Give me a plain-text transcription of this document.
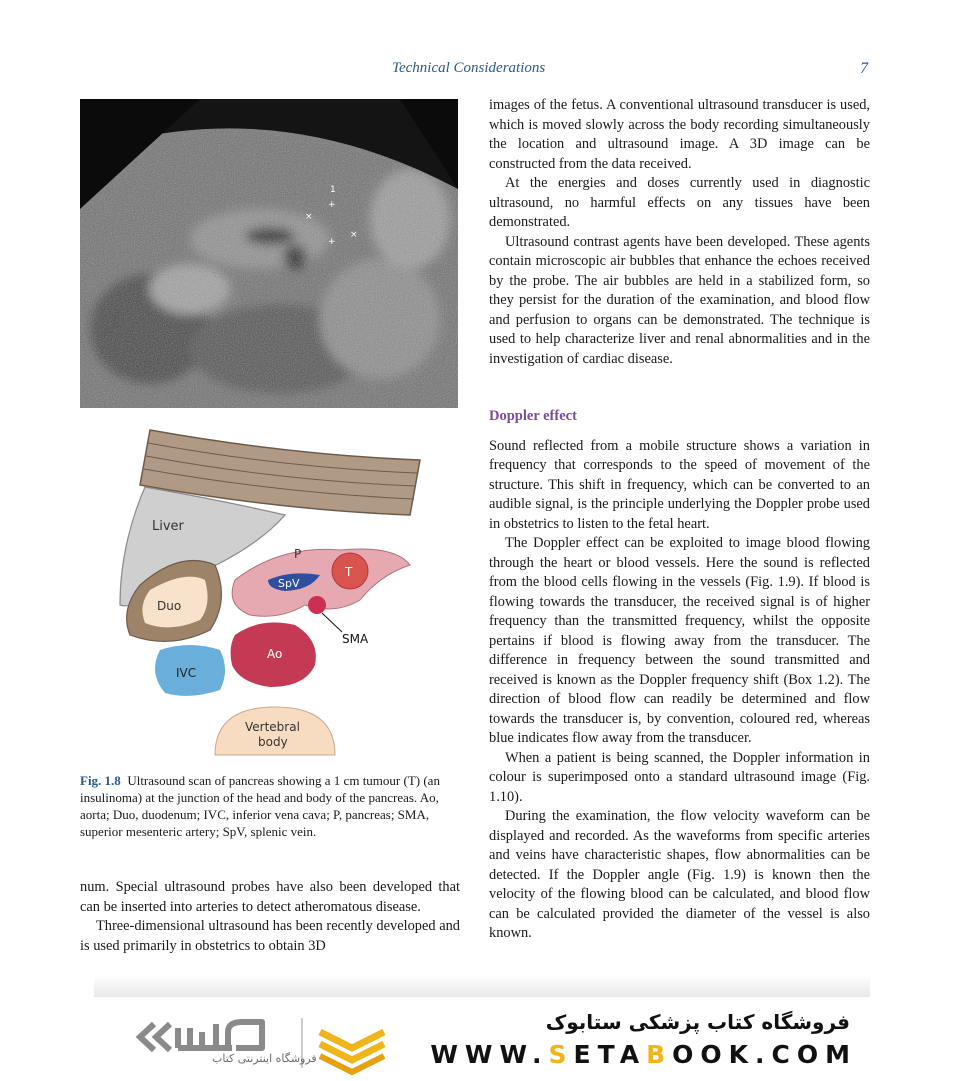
Technical Considerations	7
1
+
+
×
×
Liver
Duo
P
T
SpV
SMA
Ao
IVC
Vertebral
body
Fig. 1.8 Ultrasound scan of pancreas showing a 1 cm tumour (T) (an insulinoma) at the junction of the head and body of the pancreas. Ao, aorta; Duo, duodenum; IVC, inferior vena cava; P, pancreas; SMA, superior mesenteric artery; SpV, splenic vein.

images of the fetus. A conventional ultrasound transducer is used, which is moved slowly across the body recording simultaneously the location and ultrasound image. A 3D image can be constructed from the data received.

At the energies and doses currently used in diagnostic ultrasound, no harmful effects on any tissues have been demonstrated.

Ultrasound contrast agents have been developed. These agents contain microscopic air bubbles that enhance the echoes received by the probe. The air bubbles are held in a stabilized form, so they persist for the duration of the examination, and blood flow and perfusion to organs can be demonstrated. The technique is used to help characterize liver and renal abnormalities and in the investigation of cardiac disease.

Doppler effect

Sound reflected from a mobile structure shows a variation in frequency that corresponds to the speed of movement of the structure. This shift in frequency, which can be converted to an audible signal, is the principle underlying the Doppler probe used in obstetrics to listen to the fetal heart.

The Doppler effect can be exploited to image blood flowing through the heart or blood vessels. Here the sound is reflected from the blood cells flowing in the vessels (Fig. 1.9). If blood is flowing towards the transducer, the received signal is of higher frequency than the transmitted frequency, whilst the opposite pertains if blood is flowing away from the transducer. The difference in frequency between the sound transmitted and received is known as the Doppler frequency shift (Box 1.2). The direction of blood flow can readily be determined and flow towards the transducer is, by convention, coloured red, whereas blue indicates flow away from the transducer.

When a patient is being scanned, the Doppler information in colour is superimposed onto a standard ultrasound image (Fig. 1.10).

During the examination, the flow velocity waveform can be displayed and recorded. As the waveforms from specific arteries and veins have characteristic shapes, flow abnormalities can be detected. If the Doppler angle (Fig. 1.9) is known then the velocity of the flowing blood can be calculated, and blood flow can be calculated provided the diameter of the vessel is also known.

num. Special ultrasound probes have also been developed that can be inserted into arteries to detect atheromatous disease.

Three-dimensional ultrasound has been recently developed and is used primarily in obstetrics to obtain 3D

فروشگاه اینترنتی کتاب
فروشگاه کتاب پزشکی ستابوک
WWW.SETABOOK.COM
